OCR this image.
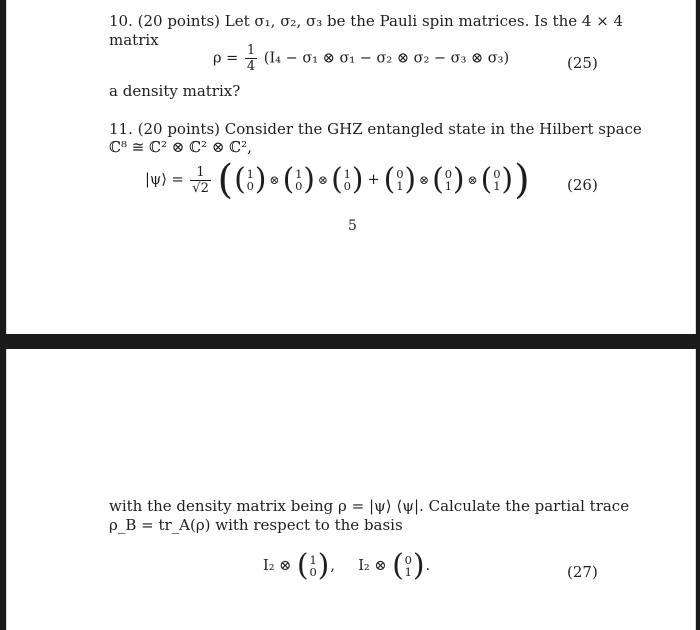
10. (20 points) Let σ₁, σ₂, σ₃ be the Pauli spin matrices. Is the 4 × 4
matrix
$\rho = \frac{1}{4} (I_4 - \sigma_1$ ⊗ σ₁ − σ₂ ⊗ σ₂ − σ₃ ⊗ σ₃)	(25)
a density matrix?
11. (20 points) Consider the GHZ entangled state in the Hilbert space
ℂ⁸ ≅ ℂ² ⊗ ℂ² ⊗ ℂ²,
|ψ⟩ = $\frac{1}{√2} ((1$
0) ⊗ (1
0) ⊗ (1
0) + (0
1) ⊗ (0
1) ⊗ (0
1)) (26)
5
with the density matrix being ρ = |ψ⟩ ⟨ψ|. Calculate the partial trace
ρ_B = tr_A(ρ) with respect to the basis
I₂ ⊗ (1
0), I₂ ⊗ (0
1).	(27)
